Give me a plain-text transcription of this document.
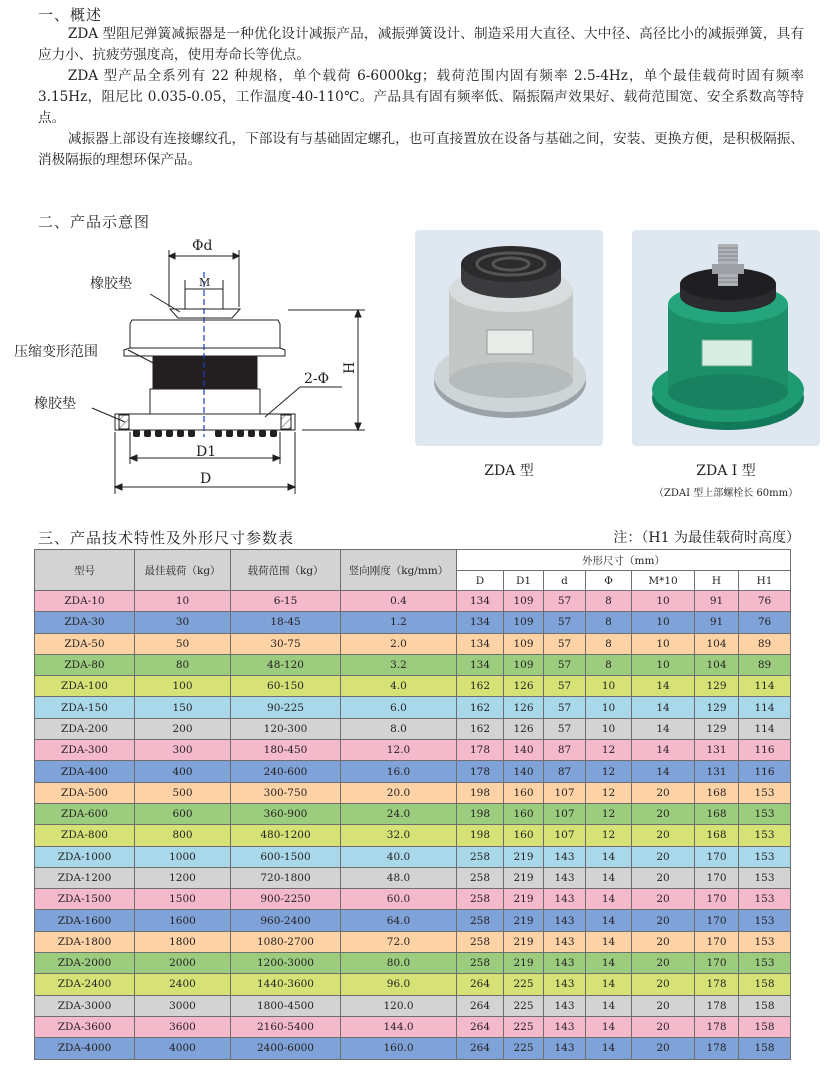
一、概述

ZDA 型阻尼弹簧减振器是一种优化设计减振产品，减振弹簧设计、制造采用大直径、大中径、高径比小的减振弹簧，具有应力小、抗疲劳强度高，使用寿命长等优点。

ZDA 型产品全系列有 22 种规格，单个载荷 6-6000kg；载荷范围内固有频率 2.5-4Hz，单个最佳载荷时固有频率 3.15Hz，阻尼比 0.035-0.05，工作温度-40-110℃。产品具有固有频率低、隔振隔声效果好、载荷范围宽、安全系数高等特点。

减振器上部设有连接螺纹孔，下部设有与基础固定螺孔，也可直接置放在设备与基础之间，安装、更换方便，是积极隔振、消极隔振的理想环保产品。

二、产品示意图
Φd
M
橡胶垫
压缩变形范围
橡胶垫
2-Φ
H
D1
D	ZDA 型	ZDA I 型
（ZDAI 型上部螺栓长 60mm）
三、产品技术特性及外形尺寸参数表	注：（H1 为最佳载荷时高度）
型号	最佳载荷（kg）	载荷范围（kg）	竖向刚度（kg/mm）	外形尺寸（mm）						
				D	D1	d	Φ	M*10	H	H1
ZDA-10	10	6-15	0.4	134	109	57	8	10	91	76
ZDA-30	30	18-45	1.2	134	109	57	8	10	91	76
ZDA-50	50	30-75	2.0	134	109	57	8	10	104	89
ZDA-80	80	48-120	3.2	134	109	57	8	10	104	89
ZDA-100	100	60-150	4.0	162	126	57	10	14	129	114
ZDA-150	150	90-225	6.0	162	126	57	10	14	129	114
ZDA-200	200	120-300	8.0	162	126	57	10	14	129	114
ZDA-300	300	180-450	12.0	178	140	87	12	14	131	116
ZDA-400	400	240-600	16.0	178	140	87	12	14	131	116
ZDA-500	500	300-750	20.0	198	160	107	12	20	168	153
ZDA-600	600	360-900	24.0	198	160	107	12	20	168	153
ZDA-800	800	480-1200	32.0	198	160	107	12	20	168	153
ZDA-1000	1000	600-1500	40.0	258	219	143	14	20	170	153
ZDA-1200	1200	720-1800	48.0	258	219	143	14	20	170	153
ZDA-1500	1500	900-2250	60.0	258	219	143	14	20	170	153
ZDA-1600	1600	960-2400	64.0	258	219	143	14	20	170	153
ZDA-1800	1800	1080-2700	72.0	258	219	143	14	20	170	153
ZDA-2000	2000	1200-3000	80.0	258	219	143	14	20	170	153
ZDA-2400	2400	1440-3600	96.0	264	225	143	14	20	178	158
ZDA-3000	3000	1800-4500	120.0	264	225	143	14	20	178	158
ZDA-3600	3600	2160-5400	144.0	264	225	143	14	20	178	158
ZDA-4000	4000	2400-6000	160.0	264	225	143	14	20	178	158
